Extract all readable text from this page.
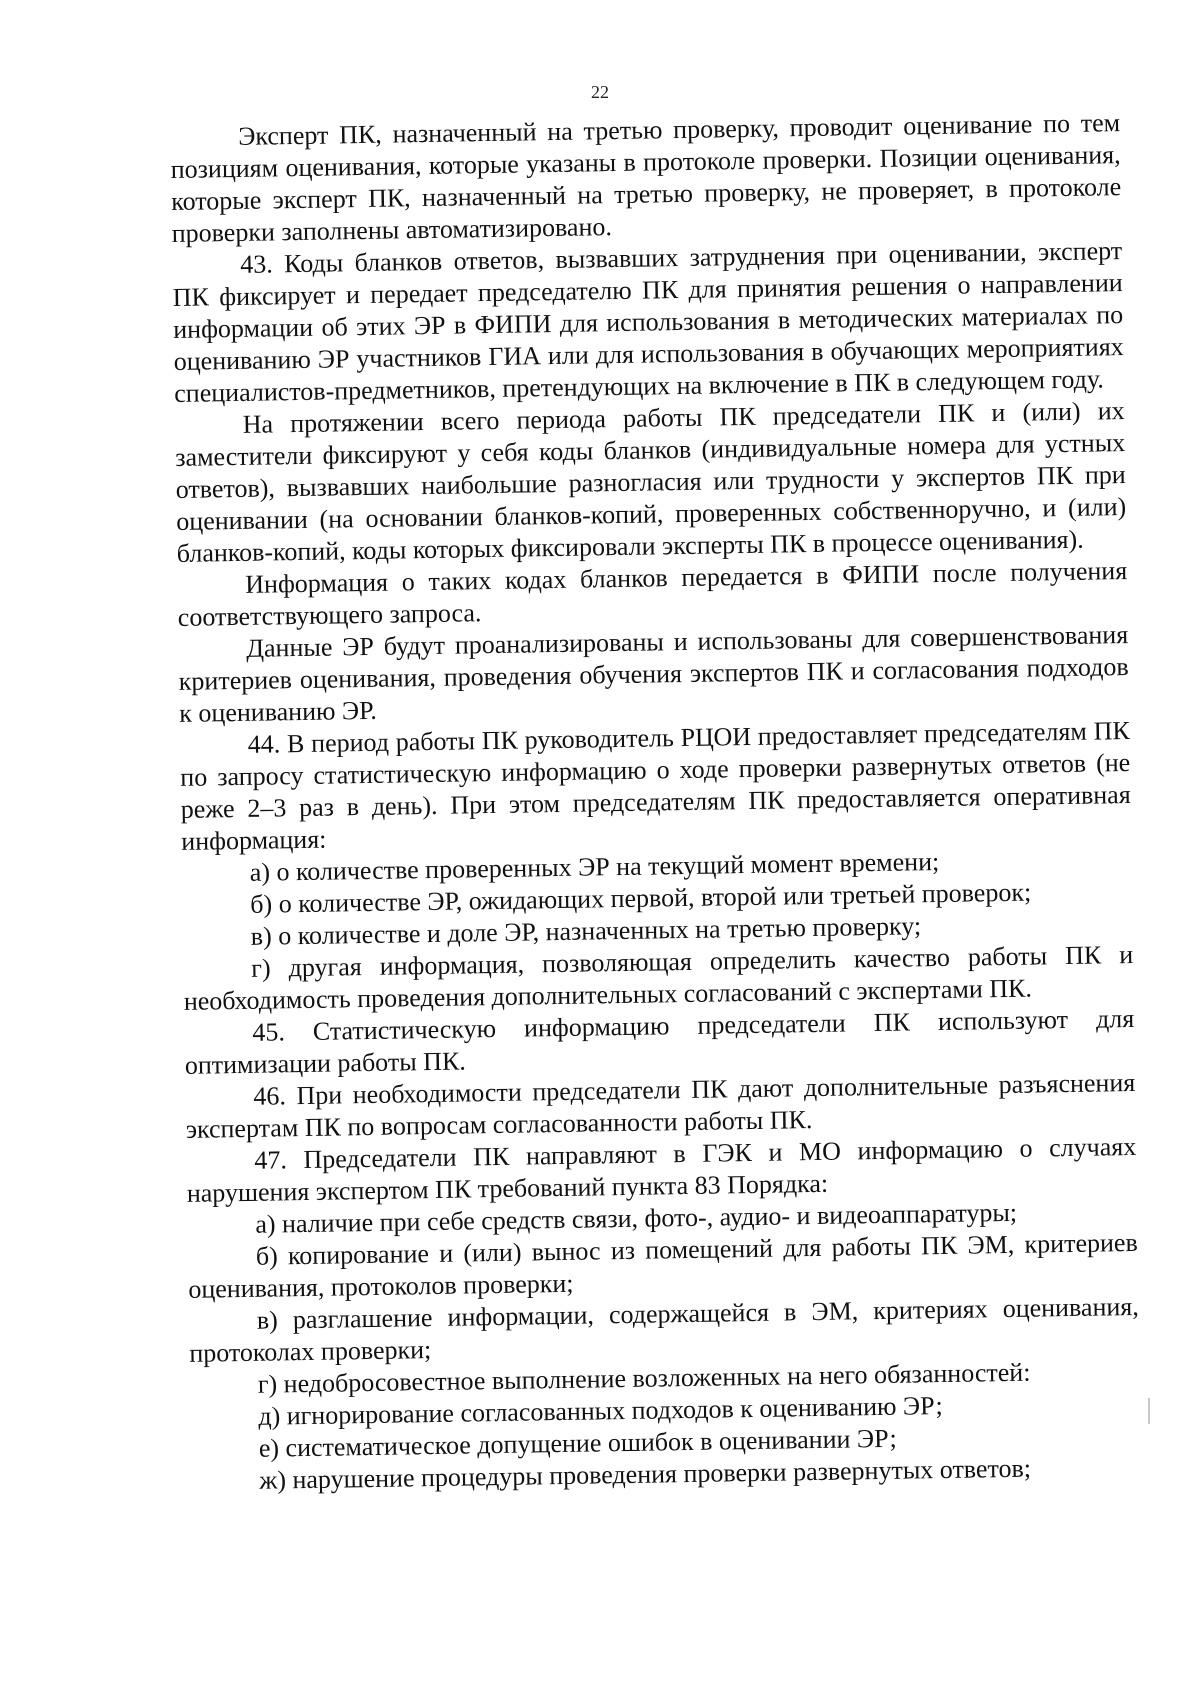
22

Эксперт ПК, назначенный на третью проверку, проводит оценивание по тем позициям оценивания, которые указаны в протоколе проверки. Позиции оценивания, которые эксперт ПК, назначенный на третью проверку, не проверяет, в протоколе проверки заполнены автоматизировано.

43. Коды бланков ответов, вызвавших затруднения при оценивании, эксперт ПК фиксирует и передает председателю ПК для принятия решения о направлении информации об этих ЭР в ФИПИ для использования в методических материалах по оцениванию ЭР участников ГИА или для использования в обучающих мероприятиях специалистов-предметников, претендующих на включение в ПК в следующем году.

На протяжении всего периода работы ПК председатели ПК и (или) их заместители фиксируют у себя коды бланков (индивидуальные номера для устных ответов), вызвавших наибольшие разногласия или трудности у экспертов ПК при оценивании (на основании бланков-копий, проверенных собственноручно, и (или) бланков-копий, коды которых фиксировали эксперты ПК в процессе оценивания).

Информация о таких кодах бланков передается в ФИПИ после получения соответствующего запроса.

Данные ЭР будут проанализированы и использованы для совершенствования критериев оценивания, проведения обучения экспертов ПК и согласования подходов к оцениванию ЭР.

44. В период работы ПК руководитель РЦОИ предоставляет председателям ПК по запросу статистическую информацию о ходе проверки развернутых ответов (не реже 2–3 раз в день). При этом председателям ПК предоставляется оперативная информация:

а) о количестве проверенных ЭР на текущий момент времени;

б) о количестве ЭР, ожидающих первой, второй или третьей проверок;

в) о количестве и доле ЭР, назначенных на третью проверку;

г) другая информация, позволяющая определить качество работы ПК и необходимость проведения дополнительных согласований с экспертами ПК.

45. Статистическую информацию председатели ПК используют для оптимизации работы ПК.

46. При необходимости председатели ПК дают дополнительные разъяснения экспертам ПК по вопросам согласованности работы ПК.

47. Председатели ПК направляют в ГЭК и МО информацию о случаях нарушения экспертом ПК требований пункта 83 Порядка:

а) наличие при себе средств связи, фото-, аудио- и видеоаппаратуры;

б) копирование и (или) вынос из помещений для работы ПК ЭМ, критериев оценивания, протоколов проверки;

в) разглашение информации, содержащейся в ЭМ, критериях оценивания, протоколах проверки;

г) недобросовестное выполнение возложенных на него обязанностей:

д) игнорирование согласованных подходов к оцениванию ЭР;

е) систематическое допущение ошибок в оценивании ЭР;

ж) нарушение процедуры проведения проверки развернутых ответов;
